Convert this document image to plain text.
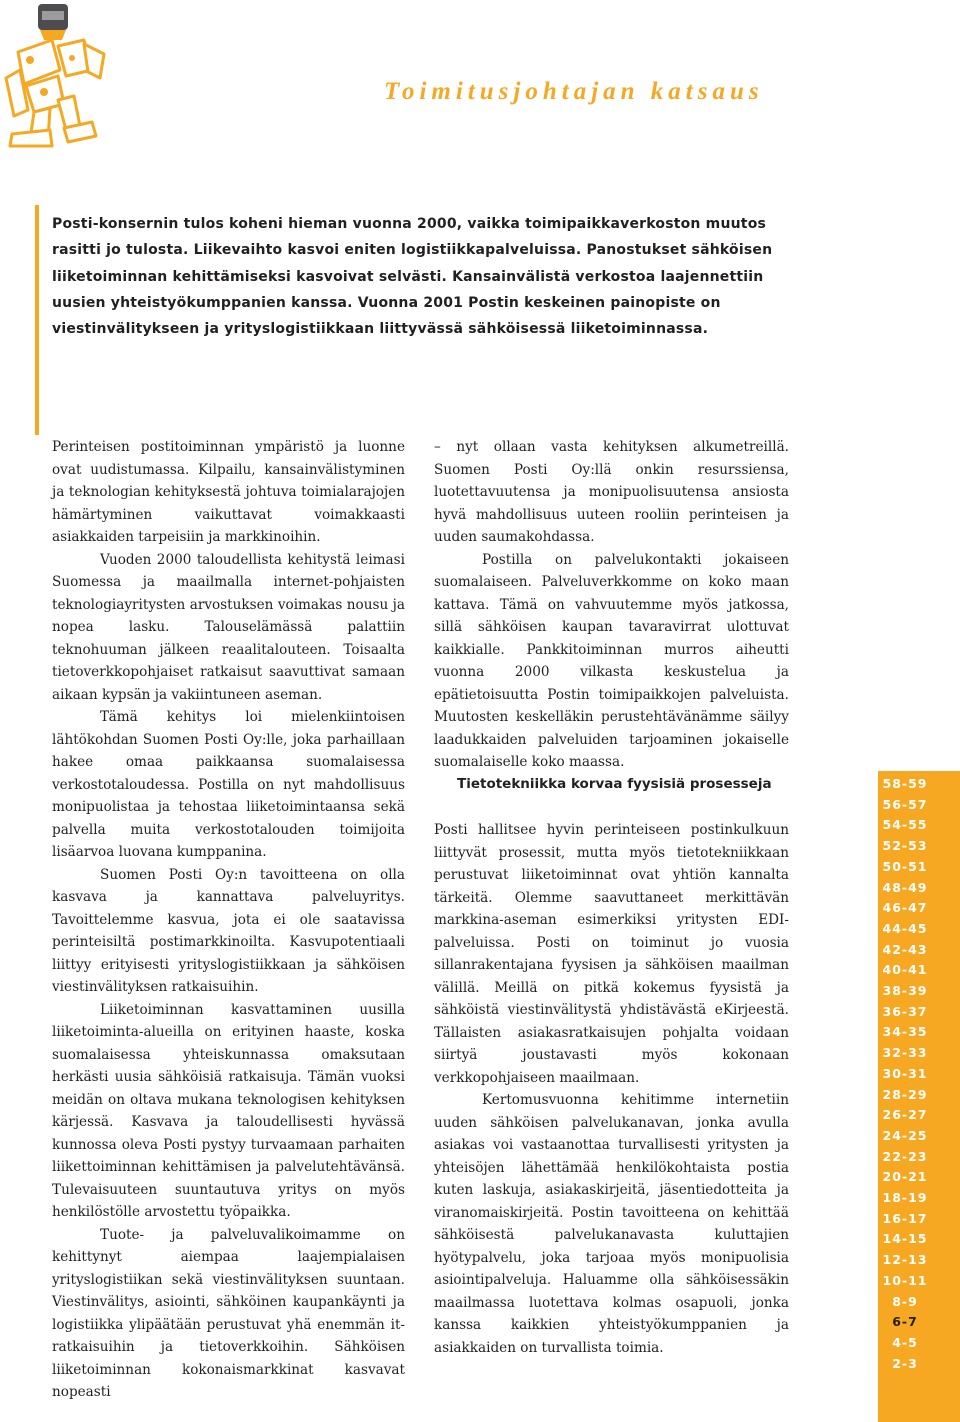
Toimitusjohtajan katsaus
Posti-konsernin tulos koheni hieman vuonna 2000, vaikka toimipaikkaverkoston muutos rasitti jo tulosta. Liikevaihto kasvoi eniten logistiikkapalveluissa. Panostukset sähköisen liiketoiminnan kehittämiseksi kasvoivat selvästi. Kansainvälistä verkostoa laajennettiin uusien yhteistyökumppanien kanssa. Vuonna 2001 Postin keskeinen painopiste on viestinvälitykseen ja yrityslogistiikkaan liittyvässä sähköisessä liiketoiminnassa.

Perinteisen postitoiminnan ympäristö ja luonne ovat uudistumassa. Kilpailu, kansainvälistyminen ja teknologian kehityksestä johtuva toimialarajojen hämärtyminen vaikuttavat voimakkaasti asiakkaiden tarpeisiin ja markkinoihin.

Vuoden 2000 taloudellista kehitystä leimasi Suomessa ja maailmalla internet-pohjaisten teknologiayritysten arvostuksen voimakas nousu ja nopea lasku. Talouselämässä palattiin teknohuuman jälkeen reaalitalouteen. Toisaalta tietoverkkopohjaiset ratkaisut saavuttivat samaan aikaan kypsän ja vakiintuneen aseman.

Tämä kehitys loi mielenkiintoisen lähtökohdan Suomen Posti Oy:lle, joka parhaillaan hakee omaa paikkaansa suomalaisessa verkostotaloudessa. Postilla on nyt mahdollisuus monipuolistaa ja tehostaa liiketoimintaansa sekä palvella muita verkostotalouden toimijoita lisäarvoa luovana kumppanina.

Suomen Posti Oy:n tavoitteena on olla kasvava ja kannattava palveluyritys. Tavoittelemme kasvua, jota ei ole saatavissa perinteisiltä postimarkkinoilta. Kasvupotentiaali liittyy erityisesti yrityslogistiikkaan ja sähköisen viestinvälityksen ratkaisuihin.

Liiketoiminnan kasvattaminen uusilla liiketoiminta-alueilla on erityinen haaste, koska suomalaisessa yhteiskunnassa omaksutaan herkästi uusia sähköisiä ratkaisuja. Tämän vuoksi meidän on oltava mukana teknologisen kehityksen kärjessä. Kasvava ja taloudellisesti hyvässä kunnossa oleva Posti pystyy turvaamaan parhaiten liikettoiminnan kehittämisen ja palvelutehtävänsä. Tulevaisuuteen suuntautuva yritys on myös henkilöstölle arvostettu työpaikka.

Tuote- ja palveluvalikoimamme on kehittynyt aiempaa laajempialaisen yrityslogistiikan sekä viestinvälityksen suuntaan. Viestinvälitys, asiointi, sähköinen kaupankäynti ja logistiikka ylipäätään perustuvat yhä enemmän it-ratkaisuihin ja tietoverkkoihin. Sähköisen liiketoiminnan kokonaismarkkinat kasvavat nopeasti

– nyt ollaan vasta kehityksen alkumetreillä. Suomen Posti Oy:llä onkin resurssiensa, luotettavuutensa ja monipuolisuutensa ansiosta hyvä mahdollisuus uuteen rooliin perinteisen ja uuden saumakohdassa.

Postilla on palvelukontakti jokaiseen suomalaiseen. Palveluverkkomme on koko maan kattava. Tämä on vahvuutemme myös jatkossa, sillä sähköisen kaupan tavaravirrat ulottuvat kaikkialle. Pankkitoiminnan murros aiheutti vuonna 2000 vilkasta keskustelua ja epätietoisuutta Postin toimipaikkojen palveluista. Muutosten keskelläkin perustehtävänämme säilyy laadukkaiden palveluiden tarjoaminen jokaiselle suomalaiselle koko maassa.

Tietotekniikka korvaa fyysisiä prosesseja

Posti hallitsee hyvin perinteiseen postinkulkuun liittyvät prosessit, mutta myös tietotekniikkaan perustuvat liiketoiminnat ovat yhtiön kannalta tärkeitä. Olemme saavuttaneet merkittävän markkina-aseman esimerkiksi yritysten EDI-palveluissa. Posti on toiminut jo vuosia sillanrakentajana fyysisen ja sähköisen maailman välillä. Meillä on pitkä kokemus fyysistä ja sähköistä viestinvälitystä yhdistävästä eKirjeestä. Tällaisten asiakasratkaisujen pohjalta voidaan siirtyä joustavasti myös kokonaan verkkopohjaiseen maailmaan.

Kertomusvuonna kehitimme internetiin uuden sähköisen palvelukanavan, jonka avulla asiakas voi vastaanottaa turvallisesti yritysten ja yhteisöjen lähettämää henkilökohtaista postia kuten laskuja, asiakaskirjeitä, jäsentiedotteita ja viranomaiskirjeitä. Postin tavoitteena on kehittää sähköisestä palvelukanavasta kuluttajien hyötypalvelu, joka tarjoaa myös monipuolisia asiointipalveluja. Haluamme olla sähköisessäkin maailmassa luotettava kolmas osapuoli, jonka kanssa kaikkien yhteistyökumppanien ja asiakkaiden on turvallista toimia.

58-59
56-57
54-55
52-53
50-51
48-49
46-47
44-45
42-43
40-41
38-39
36-37
34-35
32-33
30-31
28-29
26-27
24-25
22-23
20-21
18-19
16-17
14-15
12-13
10-11
8-9
6-7
4-5
2-3
